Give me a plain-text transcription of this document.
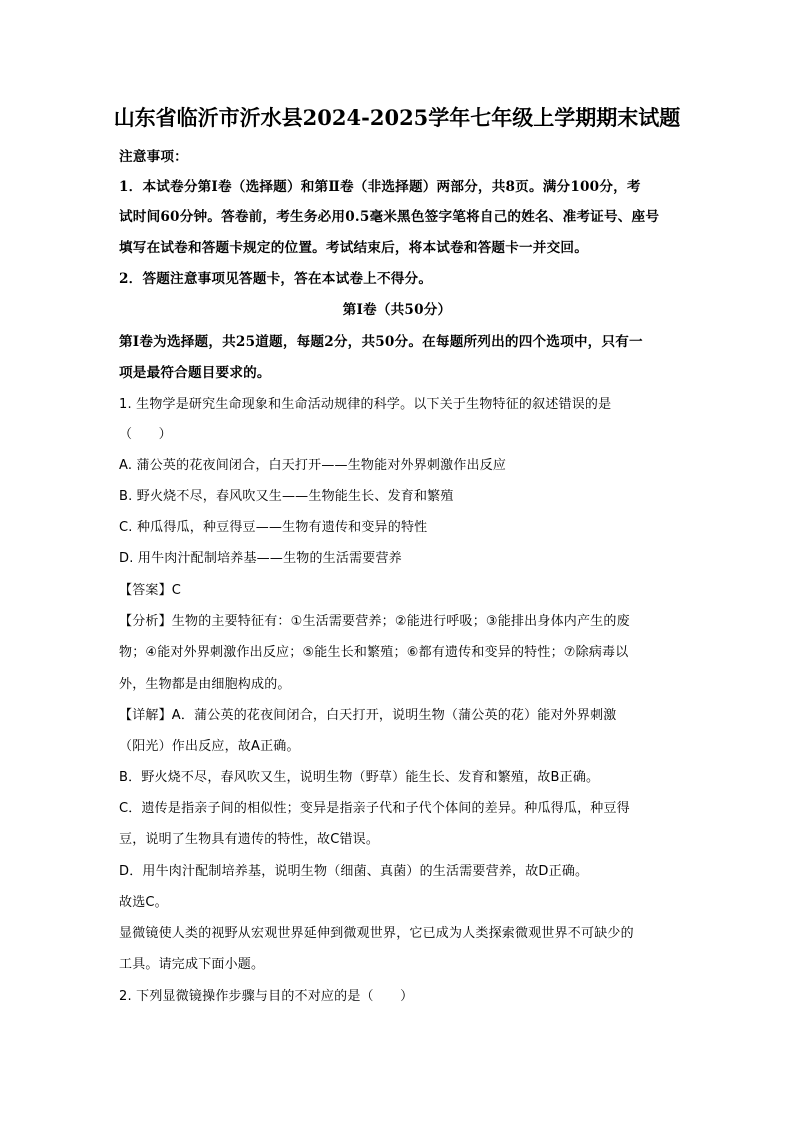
山东省临沂市沂水县2024-2025学年七年级上学期期末试题
注意事项：
1．本试卷分第Ⅰ卷（选择题）和第Ⅱ卷（非选择题）两部分，共8页。满分100分，考
试时间60分钟。答卷前，考生务必用0.5毫米黑色签字笔将自己的姓名、准考证号、座号
填写在试卷和答题卡规定的位置。考试结束后，将本试卷和答题卡一并交回。
2．答题注意事项见答题卡，答在本试卷上不得分。
第Ⅰ卷（共50分）
第Ⅰ卷为选择题，共25道题，每题2分，共50分。在每题所列出的四个选项中，只有一
项是最符合题目要求的。
1. 生物学是研究生命现象和生命活动规律的科学。以下关于生物特征的叙述错误的是
（　　）
A. 蒲公英的花夜间闭合，白天打开——生物能对外界刺激作出反应
B. 野火烧不尽，春风吹又生——生物能生长、发育和繁殖
C. 种瓜得瓜，种豆得豆——生物有遗传和变异的特性
D. 用牛肉汁配制培养基——生物的生活需要营养
【答案】C
【分析】生物的主要特征有：①生活需要营养；②能进行呼吸；③能排出身体内产生的废
物；④能对外界刺激作出反应；⑤能生长和繁殖；⑥都有遗传和变异的特性；⑦除病毒以
外，生物都是由细胞构成的。
【详解】A．蒲公英的花夜间闭合，白天打开，说明生物（蒲公英的花）能对外界刺激
（阳光）作出反应，故A正确。
B．野火烧不尽，春风吹又生，说明生物（野草）能生长、发育和繁殖，故B正确。
C．遗传是指亲子间的相似性；变异是指亲子代和子代个体间的差异。种瓜得瓜，种豆得
豆，说明了生物具有遗传的特性，故C错误。
D．用牛肉汁配制培养基，说明生物（细菌、真菌）的生活需要营养，故D正确。
故选C。
显微镜使人类的视野从宏观世界延伸到微观世界，它已成为人类探索微观世界不可缺少的
工具。请完成下面小题。
2. 下列显微镜操作步骤与目的不对应的是（　　）
